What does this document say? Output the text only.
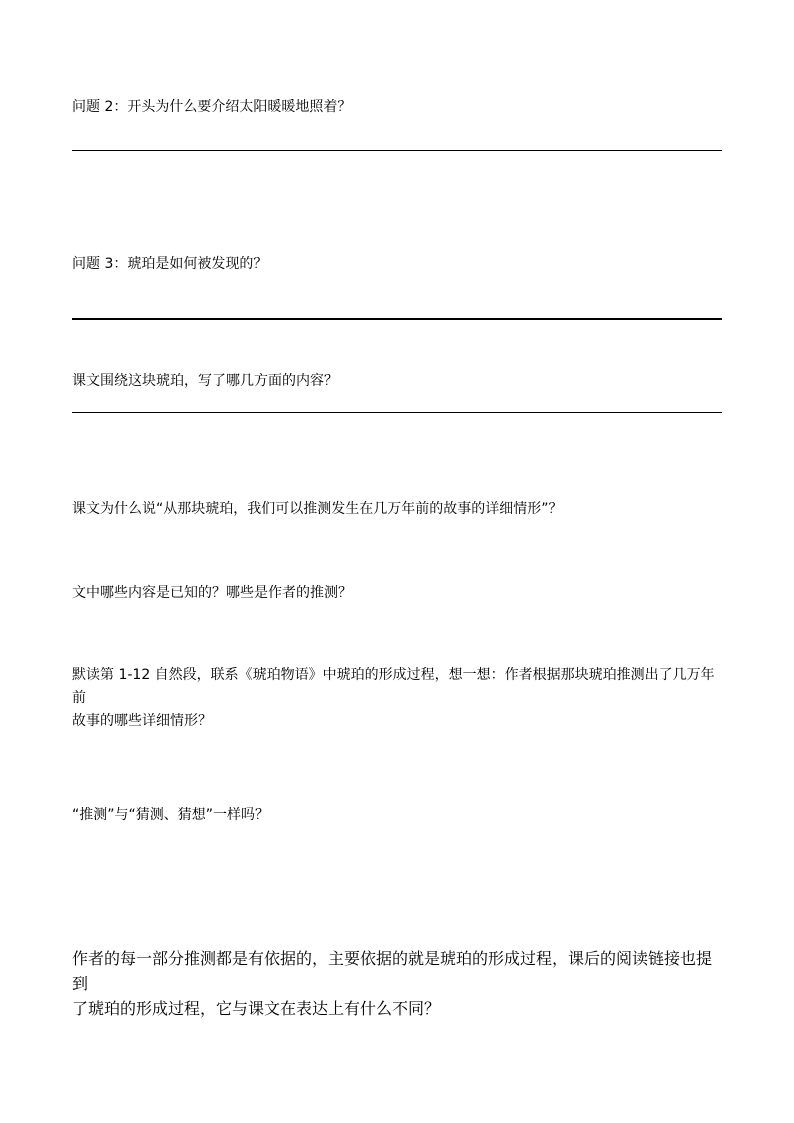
问题 2：开头为什么要介绍太阳暖暖地照着？

问题 3：琥珀是如何被发现的？

课文围绕这块琥珀，写了哪几方面的内容？

课文为什么说“从那块琥珀，我们可以推测发生在几万年前的故事的详细情形”？

文中哪些内容是已知的？哪些是作者的推测？

默读第 1-12 自然段，联系《琥珀物语》中琥珀的形成过程，想一想：作者根据那块琥珀推测出了几万年前
故事的哪些详细情形？

“推测”与“猜测、猜想”一样吗？

作者的每一部分推测都是有依据的，主要依据的就是琥珀的形成过程，课后的阅读链接也提到
了琥珀的形成过程，它与课文在表达上有什么不同？
